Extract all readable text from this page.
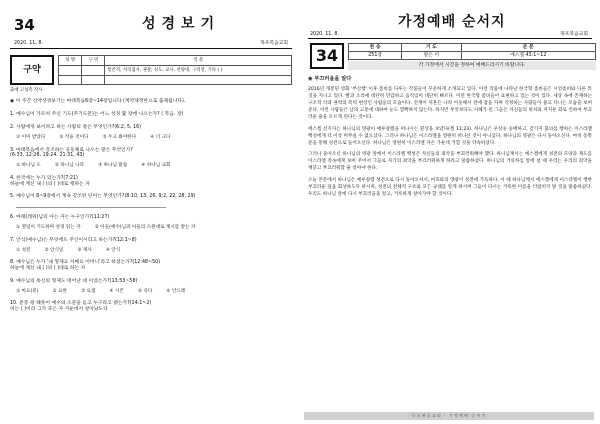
34	성경보기
2020. 11. 8.	목포복음교회
구약
성 명	구 역	직 분
		항존직, 서리집사, 권찰, 성도, 교사, 찬양대, 구역장, 기타 ( )

출애 고성측 작사
◉ 이 주간 신약성경보기는 마태복음6장~14장입니다 (계약제정한으로 출제됩니다).
1. 예수님이 가르쳐 주신 기도(주기도문)는 어느 성경 몇 장에 나오는가? ( 복음. 장)
2. 사람에게 보이려고 하는 사람의 장은 무엇인가?(6:2, 5, 16)
① 이미 받았다	② 작을 것이다	③ 두고 봐야한다	④ 더 크다
3. 마태복음에서 강조하는 공동체로 나오는 말은 무엇인가?
(6:33, 12:28, 19:24, 21:31, 43)
① 하나님 도	② 하나님 나라	③ 하나님 말씀	④ 하나님 교회
4. 한국에는 누가 있는가?(7:21)
하늘에 계신 내 ( )의 ( )대로 행하는 자
5. 예수님이 8~9장에서 계속 강조한 단어는 무엇인가?(8:10, 13, 26, 9:2, 22, 28, 29)
6. 마태(레위)님의 아는 자는 누구인가?(11:27)
① 열일이 기도하며 성경 읽는 자	② 아들(예수)님과 아들의 소원대로 계시를 받는 자
7. 안식(예수님)은 무엇에도 주인이시라고 하는가?(12:1~8)
① 성전	② 안식일	③ 제사	④ 안식
8. 예수님은 누가 '내 형제요 자매요 어머니'라고 하셨는가?(12:48~50)
하늘에 계신 내 ( )의 ( )대로 하는 자
9. 예수님의 옥신의 형제도 태어난 대 이었는가?(13:53~58)
① 마요(분)	② 요한	③ 요셉	④ 시몬	⑤ 유다	⑥ 안드레
10. 분봉 왕 헤롯이 예수의 소문을 듣고 누구라고 했는가?(14:1~2)
이는 ( )이라 그가 죽은 자 가운데서 살아났도다
가정예배 순서지
2020. 11. 8.	목포복음교회
34	찬 송	기 도	본 문
251장	말은 이	에스겔 43:1~12
각 가정에서 시간을 정하여 예배드리시기 바랍니다.
◉ 부끄러움을 알다
2016년 개봉된 영화 '부산행' 이후 좀비를 다루는 작품들이 꾸준하게 소개되고 있다. 이런 작품에 나타난 한국형 좀비들은 시얻좀비와 다른 특징을 지니고 있다. 빨과 소리에 대단히 민감하고 움직임이 대단히 빠르다. 이런 한국형 좀비들이 표현하고 있는 것이 있다. 세상 속에 존재하는 구조적 악과 권력의 폭력 현상인 사람들의 모습이다. 전쟁이 뒤흔든 나라 이웃해서 전에 잠을 자며 걱정하는 사람들이 물고 다니는 모습을 보여 준다. 이런 사람들은 남의 고통에 대하여 눈도 깜빡하지 않는다. 하지만 무엇보다도 지혜가 된 그들은 자신들의 위치와 저지른 죄로 인하여 부끄러운 줄을 모르게 된다는 것이다.
에스겔 선지자는 하나님의 영광이 예루살렘을 떠나시는 환상을 보았다(겔 11:23). 하나님은 우상숭 숭배하고, 갖가지 불의를 행하는 이스라엘 백성에게 더 이상 머무실 수 없으셨다. 그러나 하나님은 이스라엘을 영원히 떠나신 것이 아니셨다. 하나님의 영광은 다시 돌아오신다. 마치 동쪽 문을 통해 성전으로 들어오신다. 하나님은 영원히 이스라엘 자손 가운데 거할 것을 약속하셨다.
그러나 돌아오신 하나님의 영광 앞에서 이스라엘 백성은 자신들의 죄악을 부끄러워해야 했다. 하나님께서는 에스겔에게 성전의 모양과 제도를 이스라엘 족속에게 보여 주어서 그들로 자기의 죄악을 부끄러워하게 하라고 말씀하셨다. 하나님의 거룩하심 앞에 설 때 우리는 우리의 죄악을 깨닫고 부끄러워할 줄 알아야 한다.
오늘 본문에서 하나님은 예루살렘 성전으로 다시 돌아오셔서, 여호와의 영광이 성전에 가득하다. 이 때 하나님께서 에스겔에게 이스라엘이 행한 부끄러운 일을 회상하도록 하시며, 성전의 전체적 구조와 모든 규례를 알게 하시며 그들이 다시는 거룩한 이름을 더럽히지 말 것을 말씀하셨다. 우리도 하나님 앞에 다시 부끄러움을 알고, 거룩하게 살아가야 할 것이다.
목포복음교회 · 가정예배 순서지
